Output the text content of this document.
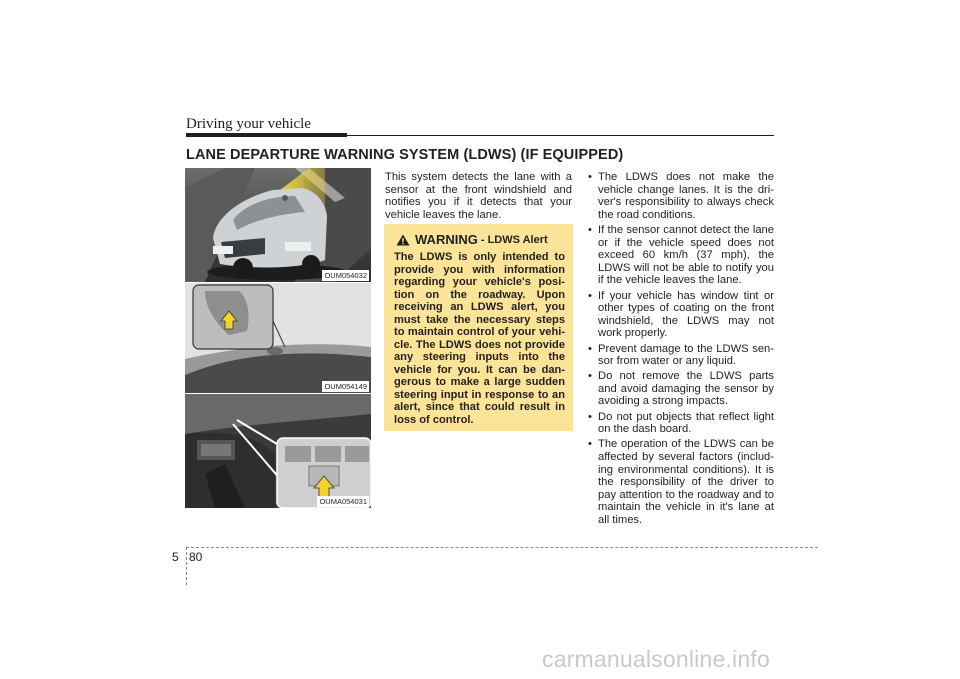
Driving your vehicle
LANE DEPARTURE WARNING SYSTEM (LDWS) (IF EQUIPPED)
OUM054032
OUM054149
OUMA054031
This system detects the lane with a sensor at the front windshield and notifies you if it detects that your vehicle leaves the lane.
WARNING - LDWS Alert
The LDWS is only intended to provide you with information regarding your vehicle's posi-tion on the roadway. Upon receiving an LDWS alert, you must take the necessary steps to maintain control of your vehi-cle. The LDWS does not provide any steering inputs into the vehicle for you. It can be dan-gerous to make a large sudden steering input in response to an alert, since that could result in loss of control.
• The LDWS does not make the vehicle change lanes. It is the dri-ver's responsibility to always check the road conditions.
• If the sensor cannot detect the lane or if the vehicle speed does not exceed 60 km/h (37 mph), the LDWS will not be able to notify you if the vehicle leaves the lane.
• If your vehicle has window tint or other types of coating on the front windshield, the LDWS may not work properly.
• Prevent damage to the LDWS sen-sor from water or any liquid.
• Do not remove the LDWS parts and avoid damaging the sensor by avoiding a strong impacts.
• Do not put objects that reflect light on the dash board.
• The operation of the LDWS can be affected by several factors (includ-ing environmental conditions). It is the responsibility of the driver to pay attention to the roadway and to maintain the vehicle in it's lane at all times.
5 80
carmanualsonline.info
